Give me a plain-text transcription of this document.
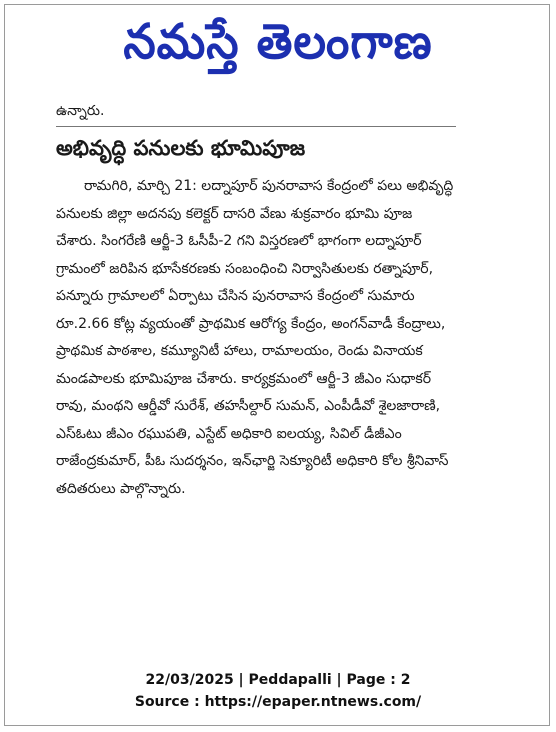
నమస్తే తెలంగాణ

ఉన్నారు.

అభివృద్ధి పనులకు భూమిపూజ

రామగిరి, మార్చి 21: లద్నాపూర్ పునరావాస కేంద్రంలో పలు అభివృద్ధి పనులకు జిల్లా అదనపు కలెక్టర్ దాసరి వేణు శుక్రవారం భూమి పూజ చేశారు. సింగరేణి ఆర్జీ-3 ఓసీపీ-2 గని విస్తరణలో భాగంగా లద్నాపూర్ గ్రామంలో జరిపిన భూసేకరణకు సంబంధించి నిర్వాసితులకు రత్నాపూర్, పన్నూరు గ్రామాలలో ఏర్పాటు చేసిన పునరావాస కేంద్రంలో సుమారు రూ.2.66 కోట్ల వ్యయంతో ప్రాథమిక ఆరోగ్య కేంద్రం, అంగన్‌వాడీ కేంద్రాలు, ప్రాథమిక పాఠశాల, కమ్యూనిటీ హాలు, రామాలయం, రెండు వినాయక మండపాలకు భూమిపూజ చేశారు. కార్యక్రమంలో ఆర్జీ-3 జీఎం సుధాకర్ రావు, మంథని ఆర్డీవో సురేశ్, తహసీల్దార్ సుమన్, ఎంపీడీవో శైలజారాణి, ఎస్‌ఓటు జీఎం రఘుపతి, ఎస్టేట్ అధికారి ఐలయ్య, సివిల్ డీజీఎం రాజేంద్రకుమార్, పీఓ సుదర్శనం, ఇన్‌ఛార్జి సెక్యూరిటీ అధికారి కోల శ్రీనివాస్ తదితరులు పాల్గొన్నారు.

22/03/2025 | Peddapalli | Page : 2
Source : https://epaper.ntnews.com/
